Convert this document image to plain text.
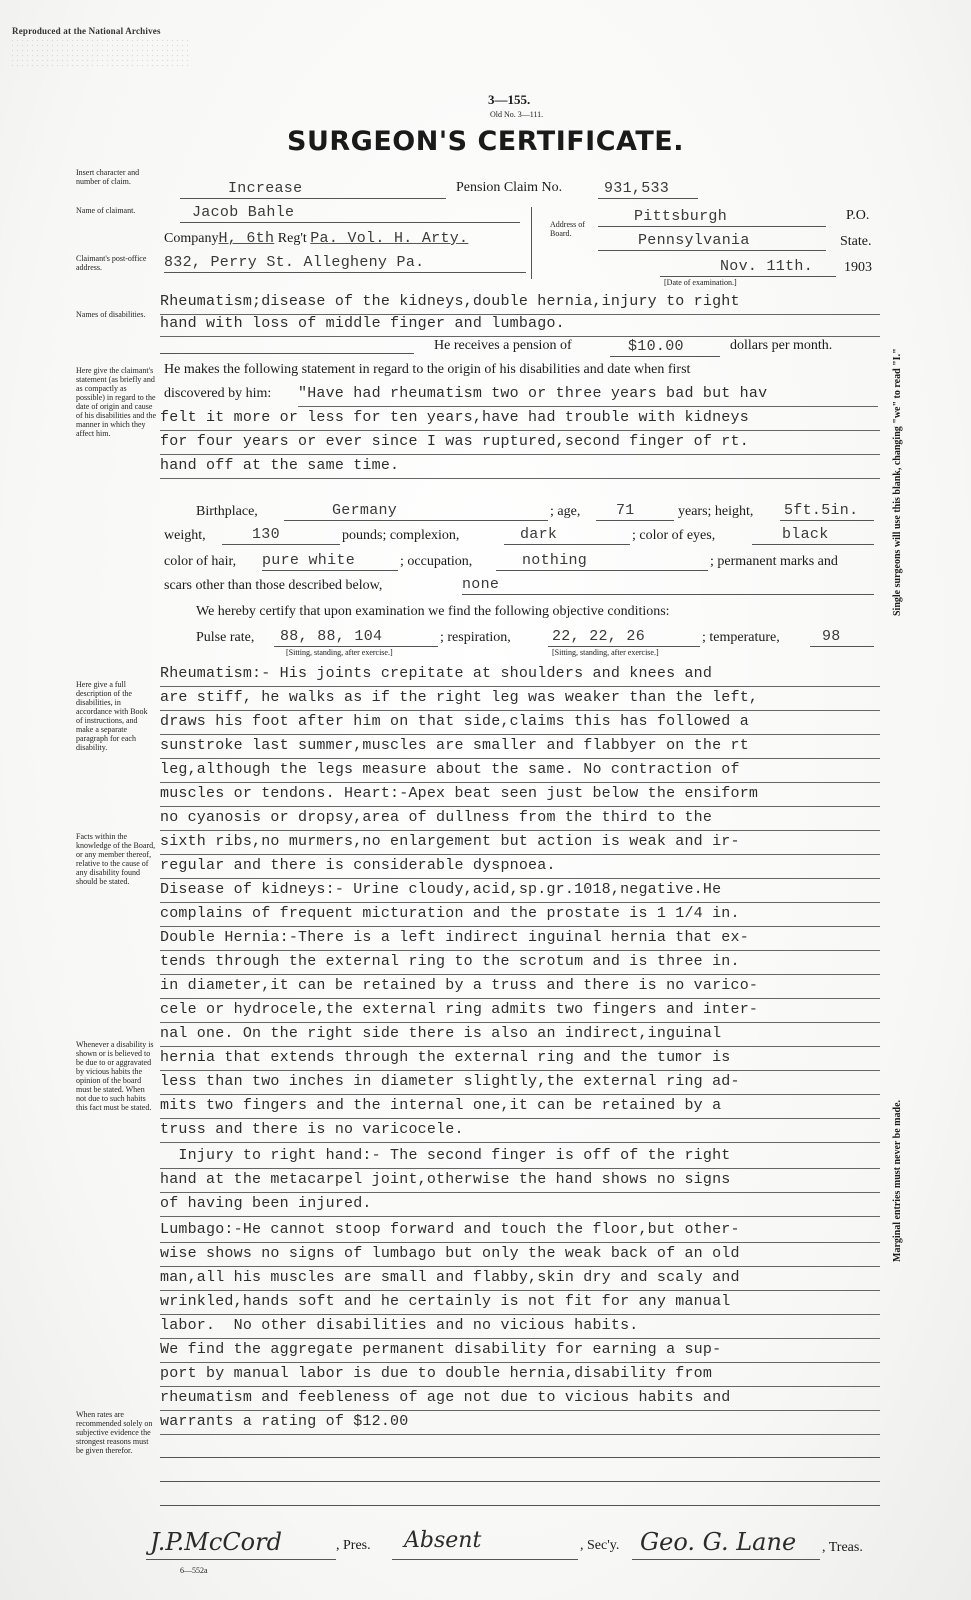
Reproduced at the National Archives
3—155.
Old No. 3—111.
SURGEON'S CERTIFICATE.
Insert character and number of claim.
Name of claimant.
Claimant's post-office address.
Names of disabilities.
Here give the claimant's statement (as briefly and as compactly as possible) in regard to the date of origin and cause of his disabilities and the manner in which they affect him.
Here give a full description of the disabilities, in accordance with Book of instructions, and make a separate paragraph for each disability.
Facts within the knowledge of the Board, or any member thereof, relative to the cause of any disability found should be stated.
Whenever a disability is shown or is believed to be due to or aggravated by vicious habits the opinion of the board must be stated. When not due to such habits this fact must be stated.
When rates are recommended solely on subjective evidence the strongest reasons must be given therefor.
Single surgeons will use this blank, changing "we" to read "I."
Marginal entries must never be made.
Increase	Pension Claim No.	931,533
Jacob Bahle
CompanyH, 6th Reg't Pa. Vol. H. Arty.
832, Perry St. Allegheny Pa.
Address of Board.
Pittsburgh	P.O.
Pennsylvania	State.
Nov. 11th.	1903
[Date of examination.]
Rheumatism;disease of the kidneys,double hernia,injury to right
hand with loss of middle finger and lumbago.
He receives a pension of	$10.00	dollars per month.
He makes the following statement in regard to the origin of his disabilities and date when first
discovered by him: "Have had rheumatism two or three years bad but hav
felt it more or less for ten years,have had trouble with kidneys
for four years or ever since I was ruptured,second finger of rt.
hand off at the same time.
Birthplace,	Germany	; age,	71	years; height, 5ft.5in.
weight,	130	pounds; complexion,	dark	; color of eyes,	black
color of hair, pure white	; occupation,	nothing	; permanent marks and
scars other than those described below,	none
We hereby certify that upon examination we find the following objective conditions:
Pulse rate,	88, 88, 104
[Sitting, standing, after exercise.]
; respiration,	22, 22, 26
[Sitting, standing, after exercise.]
; temperature,	98
Rheumatism:- His joints crepitate at shoulders and knees and
are stiff, he walks as if the right leg was weaker than the left,
draws his foot after him on that side,claims this has followed a
sunstroke last summer,muscles are smaller and flabbyer on the rt
leg,although the legs measure about the same. No contraction of
muscles or tendons. Heart:-Apex beat seen just below the ensiform
no cyanosis or dropsy,area of dullness from the third to the
sixth ribs,no murmers,no enlargement but action is weak and ir-
regular and there is considerable dyspnoea.
Disease of kidneys:- Urine cloudy,acid,sp.gr.1018,negative.He
complains of frequent micturation and the prostate is 1 1/4 in.
Double Hernia:-There is a left indirect inguinal hernia that ex-
tends through the external ring to the scrotum and is three in.
in diameter,it can be retained by a truss and there is no varico-
cele or hydrocele,the external ring admits two fingers and inter-
nal one. On the right side there is also an indirect,inguinal
hernia that extends through the external ring and the tumor is
less than two inches in diameter slightly,the external ring ad-
mits two fingers and the internal one,it can be retained by a
truss and there is no varicocele.
Injury to right hand:- The second finger is off of the right
hand at the metacarpel joint,otherwise the hand shows no signs
of having been injured.
Lumbago:-He cannot stoop forward and touch the floor,but other-
wise shows no signs of lumbago but only the weak back of an old
man,all his muscles are small and flabby,skin dry and scaly and
wrinkled,hands soft and he certainly is not fit for any manual
labor.  No other disabilities and no vicious habits.
We find the aggregate permanent disability for earning a sup-
port by manual labor is due to double hernia,disability from
rheumatism and feebleness of age not due to vicious habits and
warrants a rating of $12.00
J.P.McCord	, Pres. Absent	, Sec'y. Geo. G. Lane , Treas.
6—552a
